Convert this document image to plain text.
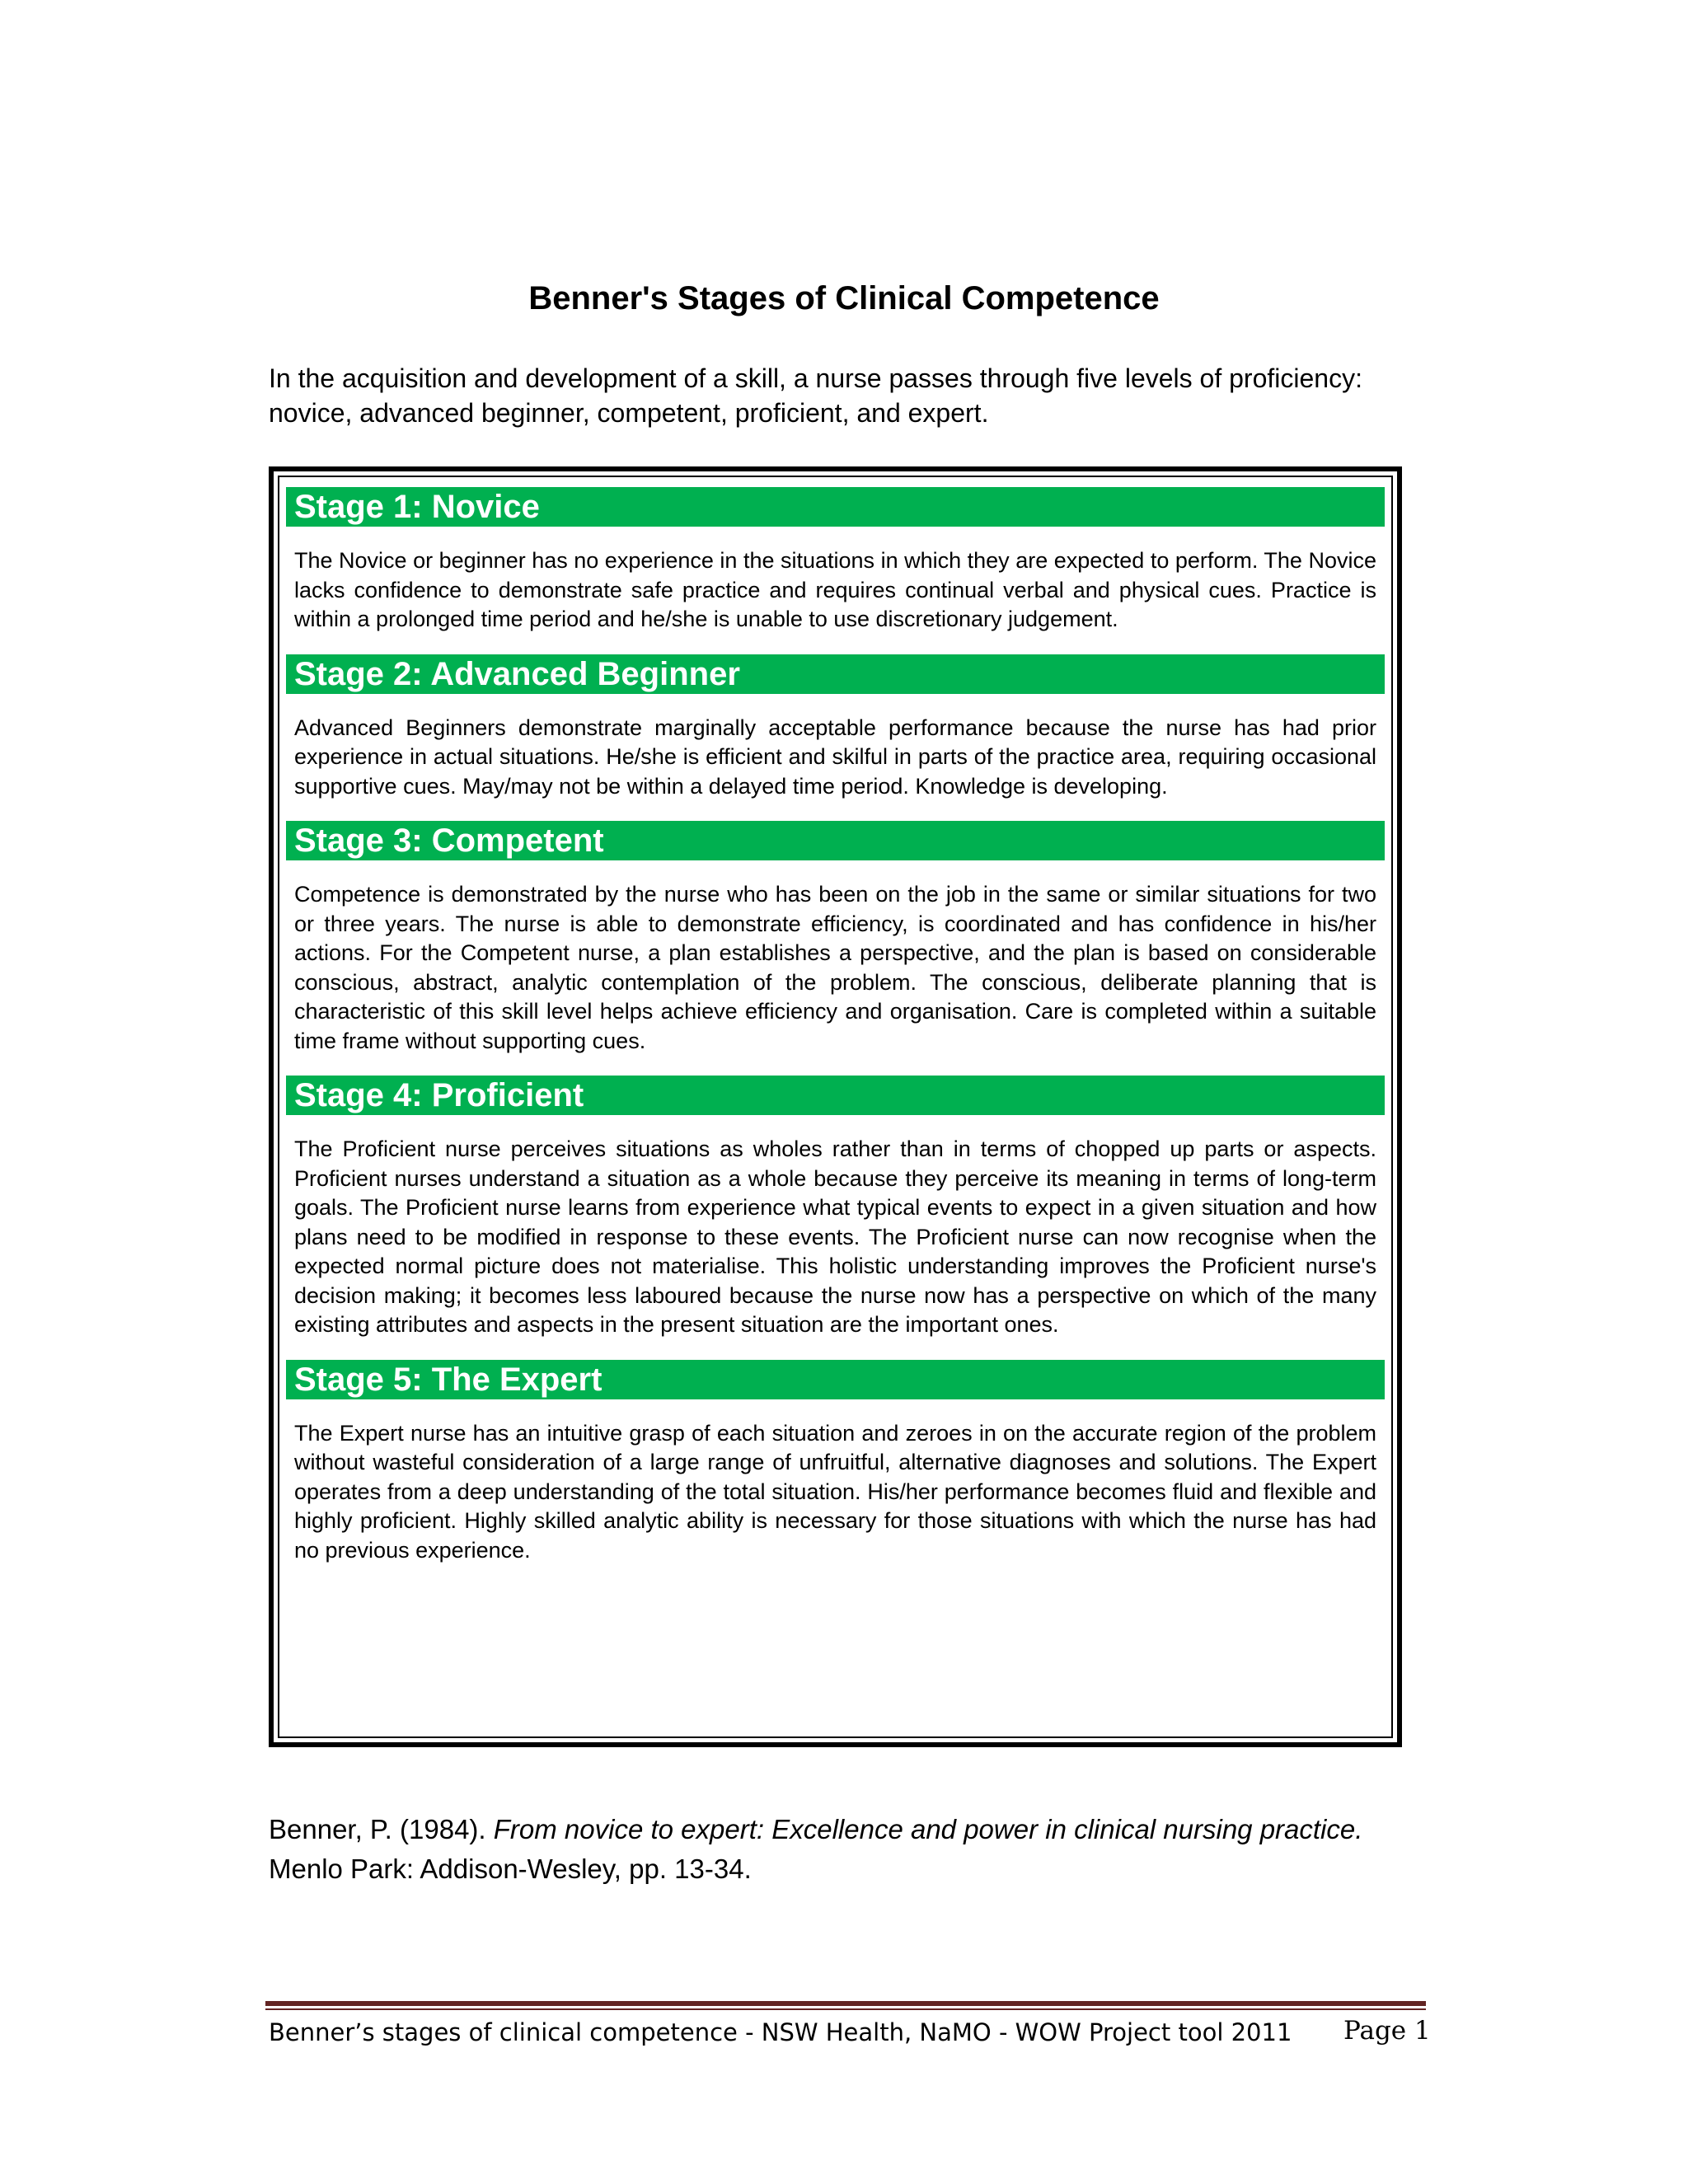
Benner's Stages of Clinical Competence

In the acquisition and development of a skill, a nurse passes through five levels of proficiency: novice, advanced beginner, competent, proficient, and expert.

Stage 1: Novice

The Novice or beginner has no experience in the situations in which they are expected to perform. The Novice lacks confidence to demonstrate safe practice and requires continual verbal and physical cues. Practice is within a prolonged time period and he/she is unable to use discretionary judgement.

Stage 2: Advanced Beginner

Advanced Beginners demonstrate marginally acceptable performance because the nurse has had prior experience in actual situations. He/she is efficient and skilful in parts of the practice area, requiring occasional supportive cues. May/may not be within a delayed time period. Knowledge is developing.

Stage 3: Competent

Competence is demonstrated by the nurse who has been on the job in the same or similar situations for two or three years. The nurse is able to demonstrate efficiency, is coordinated and has confidence in his/her actions. For the Competent nurse, a plan establishes a perspective, and the plan is based on considerable conscious, abstract, analytic contemplation of the problem. The conscious, deliberate planning that is characteristic of this skill level helps achieve efficiency and organisation. Care is completed within a suitable time frame without supporting cues.

Stage 4: Proficient

The Proficient nurse perceives situations as wholes rather than in terms of chopped up parts or aspects. Proficient nurses understand a situation as a whole because they perceive its meaning in terms of long-term goals. The Proficient nurse learns from experience what typical events to expect in a given situation and how plans need to be modified in response to these events. The Proficient nurse can now recognise when the expected normal picture does not materialise. This holistic understanding improves the Proficient nurse's decision making; it becomes less laboured because the nurse now has a perspective on which of the many existing attributes and aspects in the present situation are the important ones.

Stage 5: The Expert

The Expert nurse has an intuitive grasp of each situation and zeroes in on the accurate region of the problem without wasteful consideration of a large range of unfruitful, alternative diagnoses and solutions. The Expert operates from a deep understanding of the total situation. His/her performance becomes fluid and flexible and highly proficient. Highly skilled analytic ability is necessary for those situations with which the nurse has had no previous experience.

Benner, P. (1984). From novice to expert: Excellence and power in clinical nursing practice.
Menlo Park: Addison-Wesley, pp. 13-34.

Benner’s stages of clinical competence - NSW Health, NaMO - WOW Project tool 2011 Page 1
